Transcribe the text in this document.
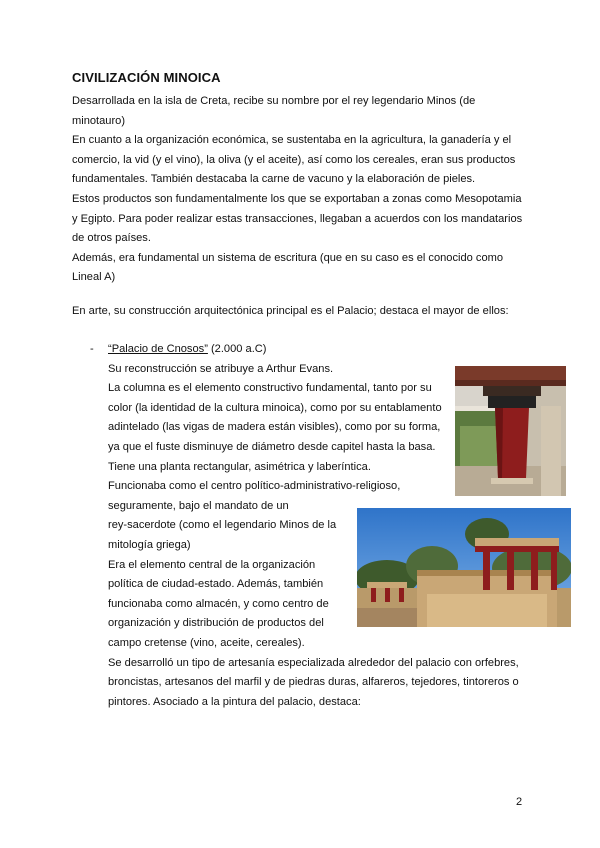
CIVILIZACIÓN MINOICA
Desarrollada en la isla de Creta, recibe su nombre por el rey legendario Minos (de
minotauro)
En cuanto a la organización económica, se sustentaba en la agricultura, la ganadería y el
comercio, la vid (y el vino), la oliva (y el aceite), así como los cereales, eran sus productos
fundamentales. También destacaba la carne de vacuno y la elaboración de pieles.
Estos productos son fundamentalmente los que se exportaban a zonas como Mesopotamia
y Egipto. Para poder realizar estas transacciones, llegaban a acuerdos con los mandatarios
de otros países.
Además, era fundamental un sistema de escritura (que en su caso es el conocido como
Lineal A)
En arte, su construcción arquitectónica principal es el Palacio; destaca el mayor de ellos:
- “Palacio de Cnosos” (2.000 a.C)
Su reconstrucción se atribuye a Arthur Evans.
La columna es el elemento constructivo fundamental, tanto por su
color (la identidad de la cultura minoica), como por su entablamento
adintelado (las vigas de madera están visibles), como por su forma,
ya que el fuste disminuye de diámetro desde capitel hasta la basa.
Tiene una planta rectangular, asimétrica y laberíntica.
Funcionaba como el centro político-administrativo-religioso,
seguramente, bajo el mandato de un
rey-sacerdote (como el legendario Minos de la
mitología griega)
Era el elemento central de la organización
política de ciudad-estado. Además, también
funcionaba como almacén, y como centro de
organización y distribución de productos del
campo cretense (vino, aceite, cereales).
Se desarrolló un tipo de artesanía especializada alrededor del palacio con orfebres,
broncistas, artesanos del marfil y de piedras duras, alfareros, tejedores, tintoreros o
pintores. Asociado a la pintura del palacio, destaca:
2
